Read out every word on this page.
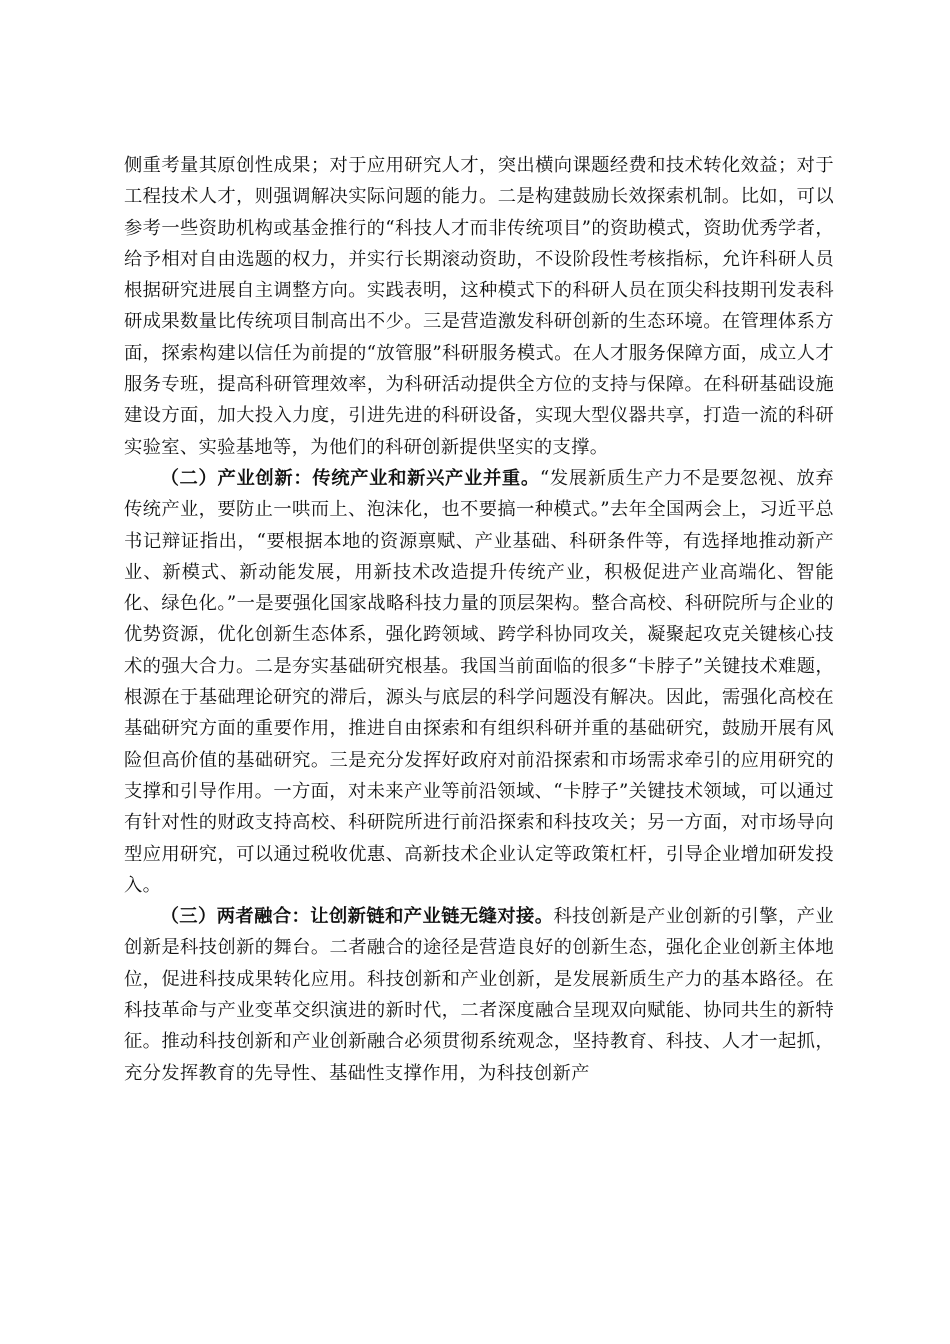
侧重考量其原创性成果；对于应用研究人才，突出横向课题经费和技术转化效益；对于工程技术人才，则强调解决实际问题的能力。二是构建鼓励长效探索机制。比如，可以参考一些资助机构或基金推行的“科技人才而非传统项目”的资助模式，资助优秀学者，给予相对自由选题的权力，并实行长期滚动资助，不设阶段性考核指标，允许科研人员根据研究进展自主调整方向。实践表明，这种模式下的科研人员在顶尖科技期刊发表科研成果数量比传统项目制高出不少。三是营造激发科研创新的生态环境。在管理体系方面，探索构建以信任为前提的“放管服”科研服务模式。在人才服务保障方面，成立人才服务专班，提高科研管理效率，为科研活动提供全方位的支持与保障。在科研基础设施建设方面，加大投入力度，引进先进的科研设备，实现大型仪器共享，打造一流的科研实验室、实验基地等，为他们的科研创新提供坚实的支撑。

（二）产业创新：传统产业和新兴产业并重。“发展新质生产力不是要忽视、放弃传统产业，要防止一哄而上、泡沫化，也不要搞一种模式。”去年全国两会上，习近平总书记辩证指出，“要根据本地的资源禀赋、产业基础、科研条件等，有选择地推动新产业、新模式、新动能发展，用新技术改造提升传统产业，积极促进产业高端化、智能化、绿色化。”一是要强化国家战略科技力量的顶层架构。整合高校、科研院所与企业的优势资源，优化创新生态体系，强化跨领域、跨学科协同攻关，凝聚起攻克关键核心技术的强大合力。二是夯实基础研究根基。我国当前面临的很多“卡脖子”关键技术难题，根源在于基础理论研究的滞后，源头与底层的科学问题没有解决。因此，需强化高校在基础研究方面的重要作用，推进自由探索和有组织科研并重的基础研究，鼓励开展有风险但高价值的基础研究。三是充分发挥好政府对前沿探索和市场需求牵引的应用研究的支撑和引导作用。一方面，对未来产业等前沿领域、“卡脖子”关键技术领域，可以通过有针对性的财政支持高校、科研院所进行前沿探索和科技攻关；另一方面，对市场导向型应用研究，可以通过税收优惠、高新技术企业认定等政策杠杆，引导企业增加研发投入。

（三）两者融合：让创新链和产业链无缝对接。科技创新是产业创新的引擎，产业创新是科技创新的舞台。二者融合的途径是营造良好的创新生态，强化企业创新主体地位，促进科技成果转化应用。科技创新和产业创新，是发展新质生产力的基本路径。在科技革命与产业变革交织演进的新时代，二者深度融合呈现双向赋能、协同共生的新特征。推动科技创新和产业创新融合必须贯彻系统观念，坚持教育、科技、人才一起抓，充分发挥教育的先导性、基础性支撑作用，为科技创新产
